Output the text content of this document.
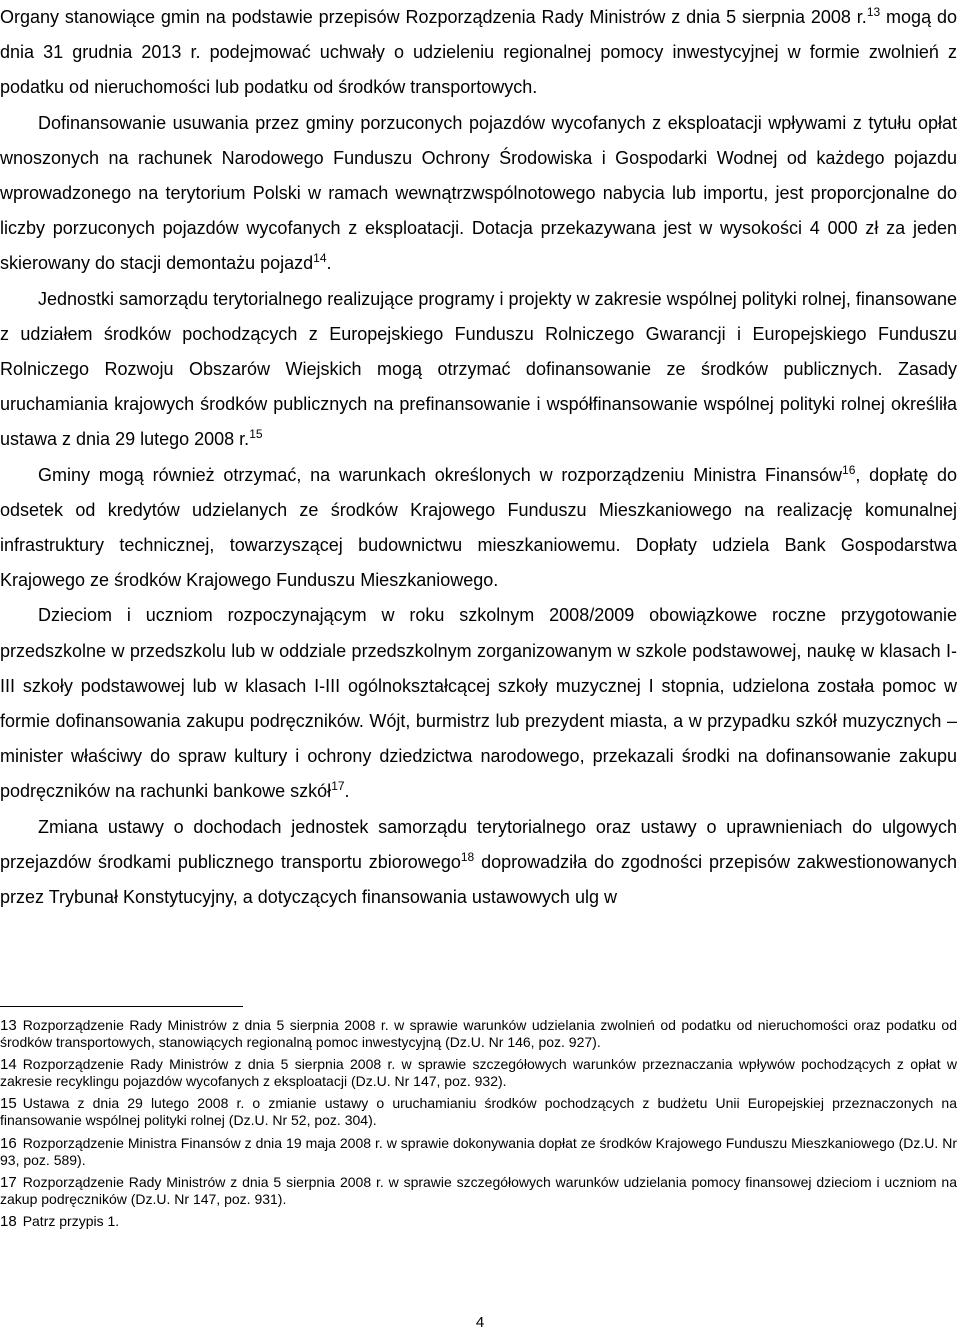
Organy stanowiące gmin na podstawie przepisów Rozporządzenia Rady Ministrów z dnia 5 sierpnia 2008 r.$^{13}$ mogą do dnia 31 grudnia 2013 r. podejmować uchwały o udzieleniu regionalnej pomocy inwestycyjnej w formie zwolnień z podatku od nieruchomości lub podatku od środków transportowych.

Dofinansowanie usuwania przez gminy porzuconych pojazdów wycofanych z eksploatacji wpływami z tytułu opłat wnoszonych na rachunek Narodowego Funduszu Ochrony Środowiska i Gospodarki Wodnej od każdego pojazdu wprowadzonego na terytorium Polski w ramach wewnątrzwspólnotowego nabycia lub importu, jest proporcjonalne do liczby porzuconych pojazdów wycofanych z eksploatacji. Dotacja przekazywana jest w wysokości 4 000 zł za jeden skierowany do stacji demontażu pojazd$^{14}$.

Jednostki samorządu terytorialnego realizujące programy i projekty w zakresie wspólnej polityki rolnej, finansowane z udziałem środków pochodzących z Europejskiego Funduszu Rolniczego Gwarancji i Europejskiego Funduszu Rolniczego Rozwoju Obszarów Wiejskich mogą otrzymać dofinansowanie ze środków publicznych. Zasady uruchamiania krajowych środków publicznych na prefinansowanie i współfinansowanie wspólnej polityki rolnej określiła ustawa z dnia 29 lutego 2008 r.$^{15}$

Gminy mogą również otrzymać, na warunkach określonych w rozporządzeniu Ministra Finansów$^{16}$, dopłatę do odsetek od kredytów udzielanych ze środków Krajowego Funduszu Mieszkaniowego na realizację komunalnej infrastruktury technicznej, towarzyszącej budownictwu mieszkaniowemu. Dopłaty udziela Bank Gospodarstwa Krajowego ze środków Krajowego Funduszu Mieszkaniowego.

Dzieciom i uczniom rozpoczynającym w roku szkolnym 2008/2009 obowiązkowe roczne przygotowanie przedszkolne w przedszkolu lub w oddziale przedszkolnym zorganizowanym w szkole podstawowej, naukę w klasach I-III szkoły podstawowej lub w klasach I-III ogólnokształcącej szkoły muzycznej I stopnia, udzielona została pomoc w formie dofinansowania zakupu podręczników. Wójt, burmistrz lub prezydent miasta, a w przypadku szkół muzycznych – minister właściwy do spraw kultury i ochrony dziedzictwa narodowego, przekazali środki na dofinansowanie zakupu podręczników na rachunki bankowe szkół$^{17}$.

Zmiana ustawy o dochodach jednostek samorządu terytorialnego oraz ustawy o uprawnieniach do ulgowych przejazdów środkami publicznego transportu zbiorowego$^{18}$ doprowadziła do zgodności przepisów zakwestionowanych przez Trybunał Konstytucyjny, a dotyczących finansowania ustawowych ulg w

13 Rozporządzenie Rady Ministrów z dnia 5 sierpnia 2008 r. w sprawie warunków udzielania zwolnień od podatku od nieruchomości oraz podatku od środków transportowych, stanowiących regionalną pomoc inwestycyjną (Dz.U. Nr 146, poz. 927).

14 Rozporządzenie Rady Ministrów z dnia 5 sierpnia 2008 r. w sprawie szczegółowych warunków przeznaczania wpływów pochodzących z opłat w zakresie recyklingu pojazdów wycofanych z eksploatacji (Dz.U. Nr 147, poz. 932).

15 Ustawa z dnia 29 lutego 2008 r. o zmianie ustawy o uruchamianiu środków pochodzących z budżetu Unii Europejskiej przeznaczonych na finansowanie wspólnej polityki rolnej (Dz.U. Nr 52, poz. 304).

16 Rozporządzenie Ministra Finansów z dnia 19 maja 2008 r. w sprawie dokonywania dopłat ze środków Krajowego Funduszu Mieszkaniowego (Dz.U. Nr 93, poz. 589).

17 Rozporządzenie Rady Ministrów z dnia 5 sierpnia 2008 r. w sprawie szczegółowych warunków udzielania pomocy finansowej dzieciom i uczniom na zakup podręczników (Dz.U. Nr 147, poz. 931).

18 Patrz przypis 1.

4
